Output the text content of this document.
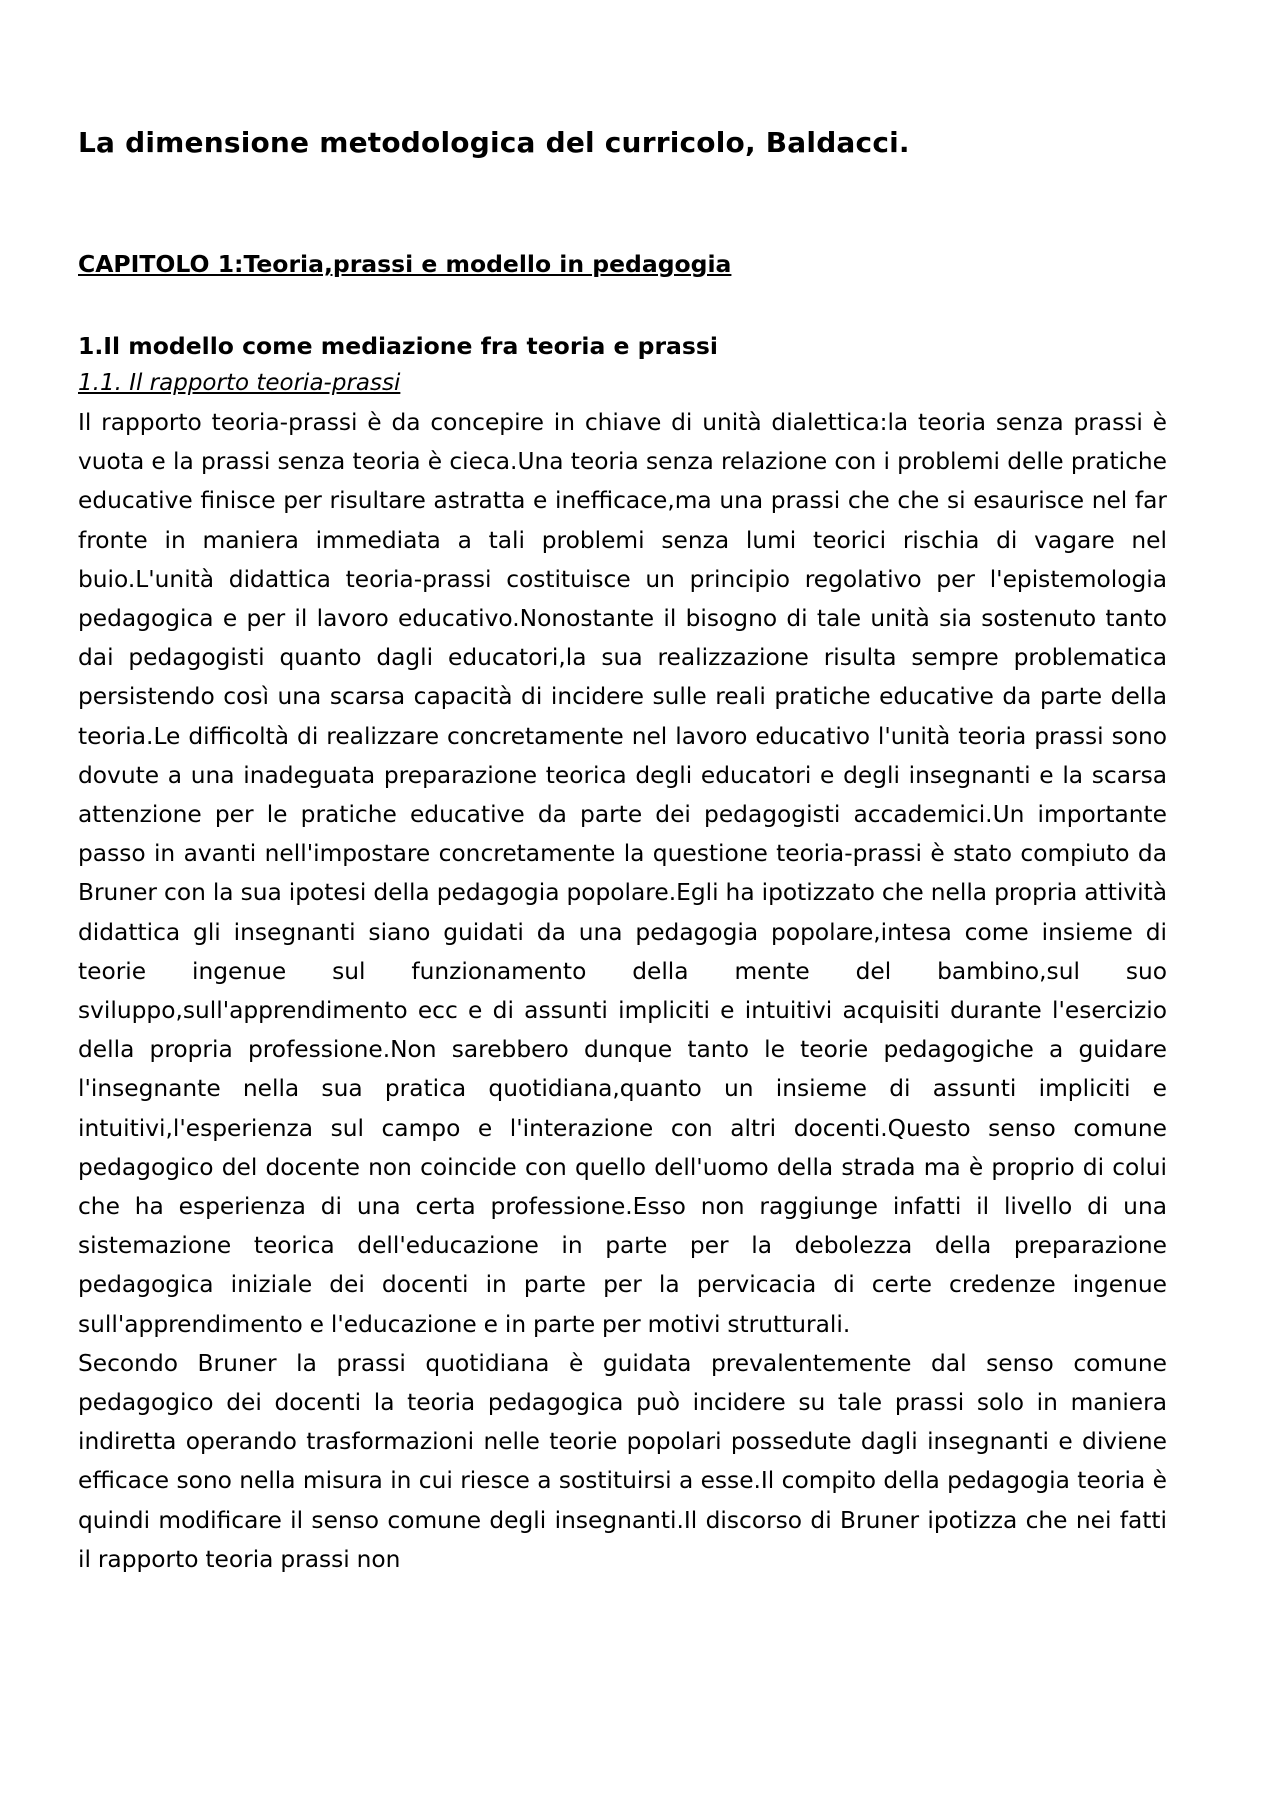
La dimensione metodologica del curricolo, Baldacci.
CAPITOLO 1:Teoria,prassi e modello in pedagogia
1.Il modello come mediazione fra teoria e prassi
1.1. Il rapporto teoria-prassi

Il rapporto teoria-prassi è da concepire in chiave di unità dialettica:la teoria senza prassi è vuota e la prassi senza teoria è cieca.Una teoria senza relazione con i problemi delle pratiche educative finisce per risultare astratta e inefficace,ma una prassi che che si esaurisce nel far fronte in maniera immediata a tali problemi senza lumi teorici rischia di vagare nel buio.L'unità didattica teoria-prassi costituisce un principio regolativo per l'epistemologia pedagogica e per il lavoro educativo.Nonostante il bisogno di tale unità sia sostenuto tanto dai pedagogisti quanto dagli educatori,la sua realizzazione risulta sempre problematica persistendo così una scarsa capacità di incidere sulle reali pratiche educative da parte della teoria.Le difficoltà di realizzare concretamente nel lavoro educativo l'unità teoria prassi sono dovute a una inadeguata preparazione teorica degli educatori e degli insegnanti e la scarsa attenzione per le pratiche educative da parte dei pedagogisti accademici.Un importante passo in avanti nell'impostare concretamente la questione teoria-prassi è stato compiuto da Bruner con la sua ipotesi della pedagogia popolare.Egli ha ipotizzato che nella propria attività didattica gli insegnanti siano guidati da una pedagogia popolare,intesa come insieme di teorie ingenue sul funzionamento della mente del bambino,sul suo sviluppo,sull'apprendimento ecc e di assunti impliciti e intuitivi acquisiti durante l'esercizio della propria professione.Non sarebbero dunque tanto le teorie pedagogiche a guidare l'insegnante nella sua pratica quotidiana,quanto un insieme di assunti impliciti e intuitivi,l'esperienza sul campo e l'interazione con altri docenti.Questo senso comune pedagogico del docente non coincide con quello dell'uomo della strada ma è proprio di colui che ha esperienza di una certa professione.Esso non raggiunge infatti il livello di una sistemazione teorica dell'educazione in parte per la debolezza della preparazione pedagogica iniziale dei docenti in parte per la pervicacia di certe credenze ingenue sull'apprendimento e l'educazione e in parte per motivi strutturali.

Secondo Bruner la prassi quotidiana è guidata prevalentemente dal senso comune pedagogico dei docenti la teoria pedagogica può incidere su tale prassi solo in maniera indiretta operando trasformazioni nelle teorie popolari possedute dagli insegnanti e diviene efficace sono nella misura in cui riesce a sostituirsi a esse.Il compito della pedagogia teoria è quindi modificare il senso comune degli insegnanti.Il discorso di Bruner ipotizza che nei fatti il rapporto teoria prassi non
